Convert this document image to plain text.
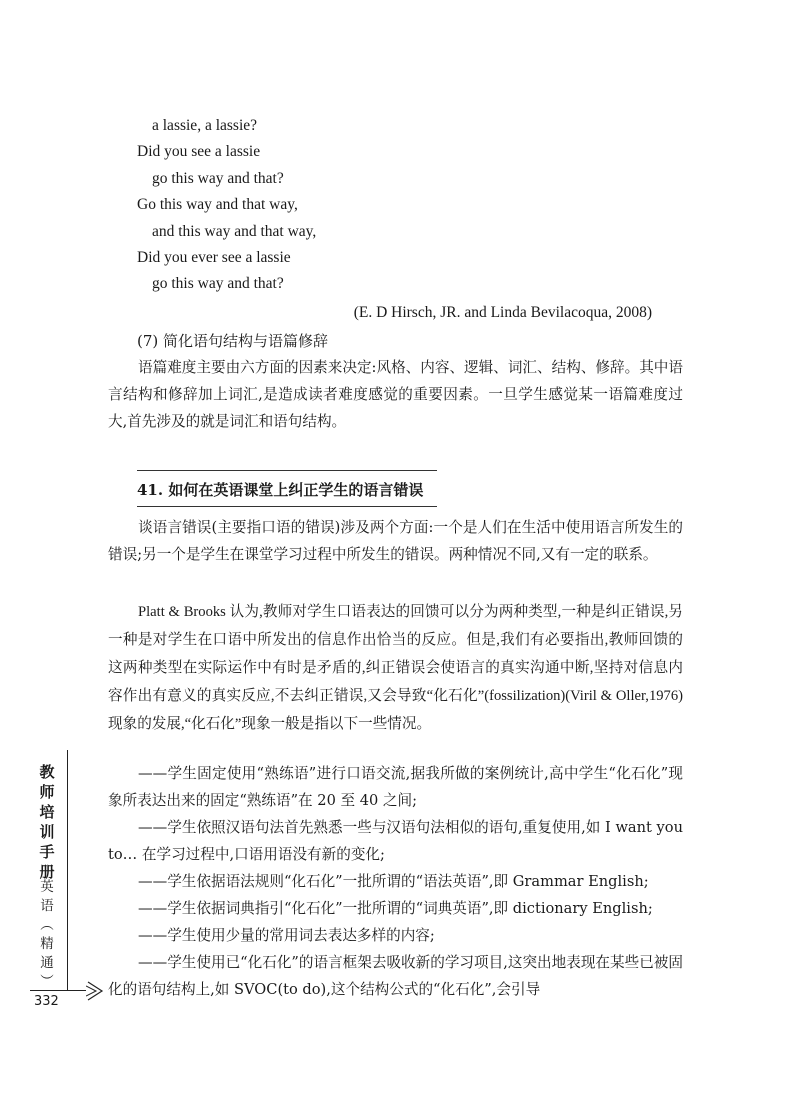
a lassie, a lassie?
Did you see a lassie
go this way and that?
Go this way and that way,
and this way and that way,
Did you ever see a lassie
go this way and that?
(E. D Hirsch, JR. and Linda Bevilacoqua, 2008)
(7) 简化语句结构与语篇修辞

语篇难度主要由六方面的因素来决定:风格、内容、逻辑、词汇、结构、修辞。其中语言结构和修辞加上词汇,是造成读者难度感觉的重要因素。一旦学生感觉某一语篇难度过大,首先涉及的就是词汇和语句结构。

41. 如何在英语课堂上纠正学生的语言错误

谈语言错误(主要指口语的错误)涉及两个方面:一个是人们在生活中使用语言所发生的错误;另一个是学生在课堂学习过程中所发生的错误。两种情况不同,又有一定的联系。

Platt & Brooks 认为,教师对学生口语表达的回馈可以分为两种类型,一种是纠正错误,另一种是对学生在口语中所发出的信息作出恰当的反应。但是,我们有必要指出,教师回馈的这两种类型在实际运作中有时是矛盾的,纠正错误会使语言的真实沟通中断,坚持对信息内容作出有意义的真实反应,不去纠正错误,又会导致“化石化”(fossilization)(Viril & Oller,1976)现象的发展,“化石化”现象一般是指以下一些情况。

——学生固定使用“熟练语”进行口语交流,据我所做的案例统计,高中学生“化石化”现象所表达出来的固定“熟练语”在 20 至 40 之间;

——学生依照汉语句法首先熟悉一些与汉语句法相似的语句,重复使用,如 I want you to… 在学习过程中,口语用语没有新的变化;

——学生依据语法规则“化石化”一批所谓的“语法英语”,即 Grammar English;

——学生依据词典指引“化石化”一批所谓的“词典英语”,即 dictionary English;

——学生使用少量的常用词去表达多样的内容;

——学生使用已“化石化”的语言框架去吸收新的学习项目,这突出地表现在某些已被固化的语句结构上,如 SVOC(to do),这个结构公式的“化石化”,会引导

教
师
培
训
手
册
英
语
︵
精
通
︶
332
